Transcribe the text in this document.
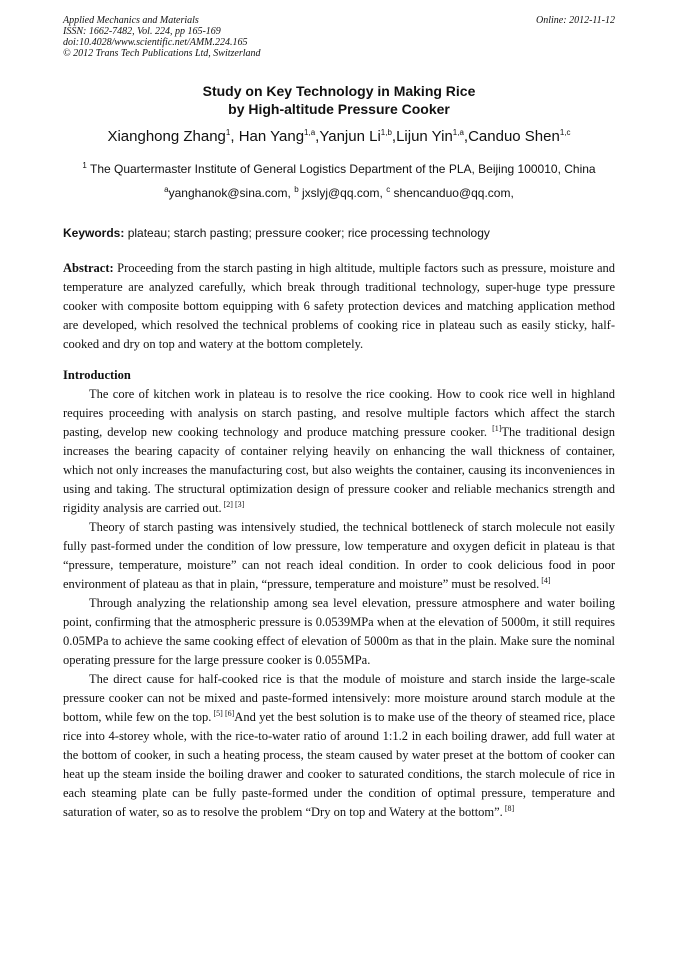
Applied Mechanics and Materials
ISSN: 1662-7482, Vol. 224, pp 165-169
doi:10.4028/www.scientific.net/AMM.224.165
© 2012 Trans Tech Publications Ltd, Switzerland
Online: 2012-11-12
Study on Key Technology in Making Rice
by High-altitude Pressure Cooker
Xianghong Zhang$^1$, Han Yang$^{1,a}$,Yanjun Li$^{1,b}$,Lijun Yin$^{1,a}$,Canduo Shen$^{1,c}$
$^1$ The Quartermaster Institute of General Logistics Department of the PLA, Beijing 100010, China
$^a$yanghanok@sina.com, $^b$ jxslyj@qq.com, $^c$ shencanduo@qq.com,
Keywords: plateau; starch pasting; pressure cooker; rice processing technology
Abstract: Proceeding from the starch pasting in high altitude, multiple factors such as pressure, moisture and temperature are analyzed carefully, which break through traditional technology, super-huge type pressure cooker with composite bottom equipping with 6 safety protection devices and matching application method are developed, which resolved the technical problems of cooking rice in plateau such as easily sticky, half-cooked and dry on top and watery at the bottom completely.
Introduction

The core of kitchen work in plateau is to resolve the rice cooking. How to cook rice well in highland requires proceeding with analysis on starch pasting, and resolve multiple factors which affect the starch pasting, develop new cooking technology and produce matching pressure cooker. [1]The traditional design increases the bearing capacity of container relying heavily on enhancing the wall thickness of container, which not only increases the manufacturing cost, but also weights the container, causing its inconveniences in using and taking. The structural optimization design of pressure cooker and reliable mechanics strength and rigidity analysis are carried out. [2] [3]

Theory of starch pasting was intensively studied, the technical bottleneck of starch molecule not easily fully past-formed under the condition of low pressure, low temperature and oxygen deficit in plateau is that “pressure, temperature, moisture” can not reach ideal condition. In order to cook delicious food in poor environment of plateau as that in plain, “pressure, temperature and moisture” must be resolved. [4]

Through analyzing the relationship among sea level elevation, pressure atmosphere and water boiling point, confirming that the atmospheric pressure is 0.0539MPa when at the elevation of 5000m, it still requires 0.05MPa to achieve the same cooking effect of elevation of 5000m as that in the plain. Make sure the nominal operating pressure for the large pressure cooker is 0.055MPa.

The direct cause for half-cooked rice is that the module of moisture and starch inside the large-scale pressure cooker can not be mixed and paste-formed intensively: more moisture around starch module at the bottom, while few on the top. [5] [6]And yet the best solution is to make use of the theory of steamed rice, place rice into 4-storey whole, with the rice-to-water ratio of around 1:1.2 in each boiling drawer, add full water at the bottom of cooker, in such a heating process, the steam caused by water preset at the bottom of cooker can heat up the steam inside the boiling drawer and cooker to saturated conditions, the starch molecule of rice in each steaming plate can be fully paste-formed under the condition of optimal pressure, temperature and saturation of water, so as to resolve the problem “Dry on top and Watery at the bottom”. [8]
